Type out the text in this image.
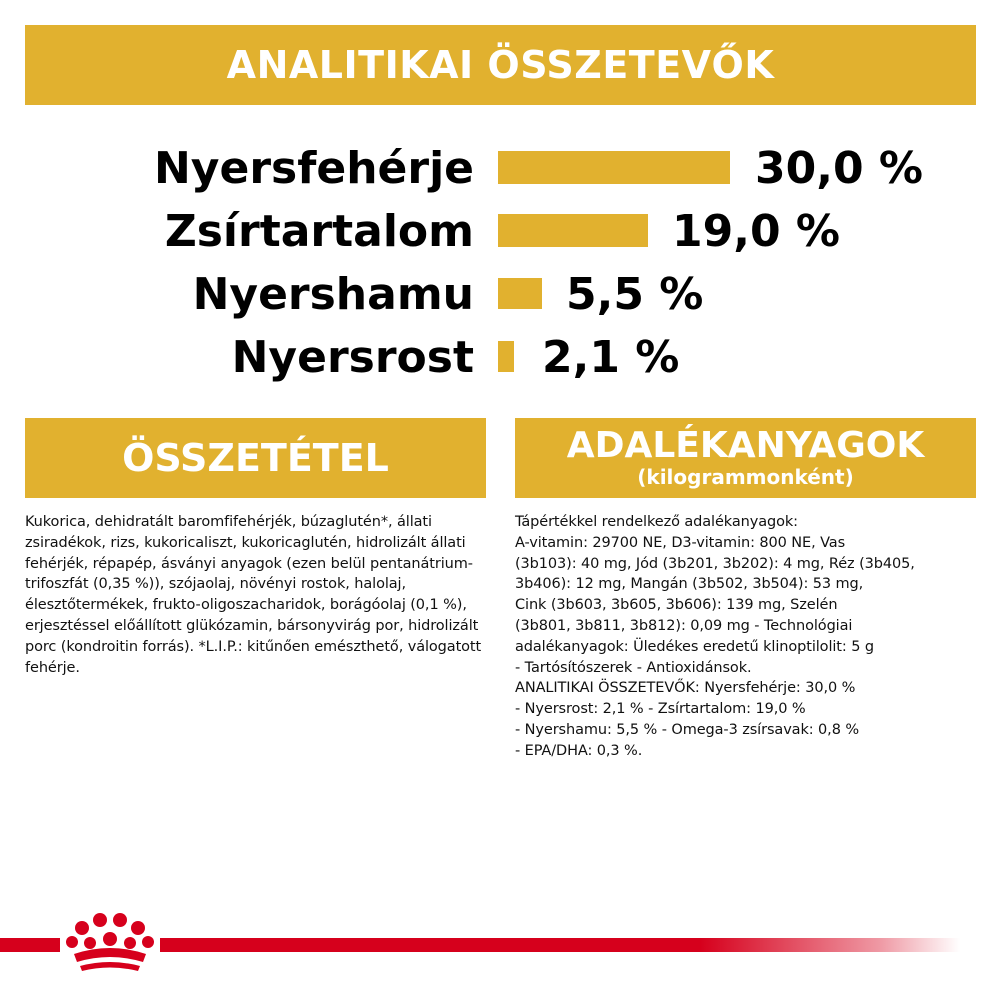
ANALITIKAI ÖSSZETEVŐK
Nyersfehérje	30,0 %
Zsírtartalom	19,0 %
Nyershamu 5,5 %
Nyersrost 2,1 %
ÖSSZETÉTEL	ADALÉKANYAGOK
(kilogrammonként)
Kukorica, dehidratált baromfifehérjék, búzaglutén*, állati zsiradékok, rizs, kukoricaliszt, kukoricaglutén, hidrolizált állati fehérjék, répapép, ásványi anyagok (ezen belül pentanátrium-trifoszfát (0,35 %)), szójaolaj, növényi rostok, halolaj, élesztőtermékek, frukto-oligoszacharidok, borágóolaj (0,1 %), erjesztéssel előállított glükózamin, bársonyvirág por, hidrolizált porc (kondroitin forrás). *L.I.P.: kitűnően emészthető, válogatott fehérje.
Tápértékkel rendelkező adalékanyagok:
A-vitamin: 29700 NE, D3-vitamin: 800 NE, Vas
(3b103): 40 mg, Jód (3b201, 3b202): 4 mg, Réz (3b405,
3b406): 12 mg, Mangán (3b502, 3b504): 53 mg,
Cink (3b603, 3b605, 3b606): 139 mg, Szelén
(3b801, 3b811, 3b812): 0,09 mg - Technológiai
adalékanyagok: Üledékes eredetű klinoptilolit: 5 g
- Tartósítószerek - Antioxidánsok.
ANALITIKAI ÖSSZETEVŐK: Nyersfehérje: 30,0 %
- Nyersrost: 2,1 % - Zsírtartalom: 19,0 %
- Nyershamu: 5,5 % - Omega-3 zsírsavak: 0,8 %
- EPA/DHA: 0,3 %.
